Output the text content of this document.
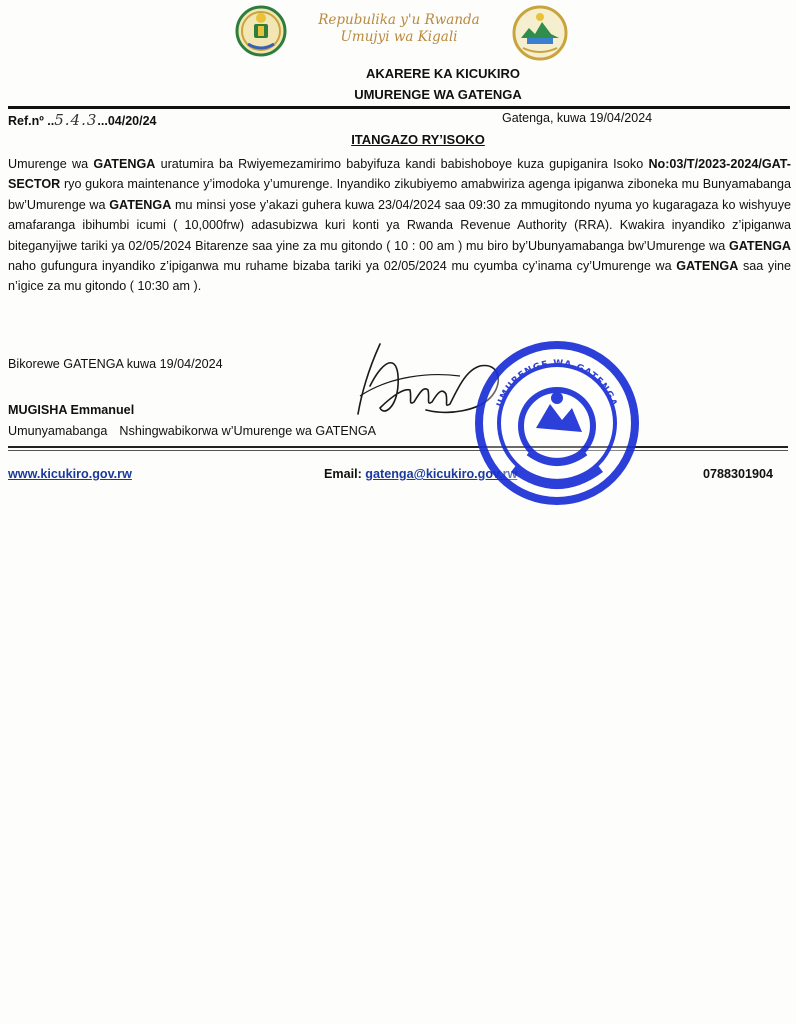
Repubulika y'u Rwanda
Umujyi wa Kigali
AKARERE KA KICUKIRO
UMURENGE WA GATENGA
Ref.nº ..5.4.3...04/20/24	Gatenga, kuwa 19/04/2024
ITANGAZO RY’ISOKO
Umurenge wa GATENGA uratumira ba Rwiyemezamirimo babyifuza kandi babishoboye kuza gupiganira Isoko No:03/T/2023-2024/GAT-SECTOR ryo gukora maintenance y’imodoka y’umurenge. Inyandiko zikubiyemo amabwiriza agenga ipiganwa ziboneka mu Bunyamabanga bw’Umurenge wa GATENGA mu minsi yose y’akazi guhera kuwa 23/04/2024 saa 09:30 za mmugitondo nyuma yo kugaragaza ko wishyuye amafaranga ibihumbi icumi ( 10,000frw) adasubizwa kuri konti ya Rwanda Revenue Authority (RRA). Kwakira inyandiko z’ipiganwa biteganyijwe tariki ya 02/05/2024 Bitarenze saa yine za mu gitondo ( 10 : 00 am ) mu biro by’Ubunyamabanga bw’Umurenge wa GATENGA naho gufungura inyandiko z’ipiganwa mu ruhame bizaba tariki ya 02/05/2024 mu cyumba cy’inama cy’Umurenge wa GATENGA saa yine n’igice za mu gitondo ( 10:30 am ).
Bikorewe GATENGA kuwa 19/04/2024
MUGISHA Emmanuel
Umunyamabanga Nshingwabikorwa w’Umurenge wa GATENGA
www.kicukiro.gov.rw	Email: gatenga@kicukiro.gov.rw	0788301904
UMURENGE WA GATENGA
